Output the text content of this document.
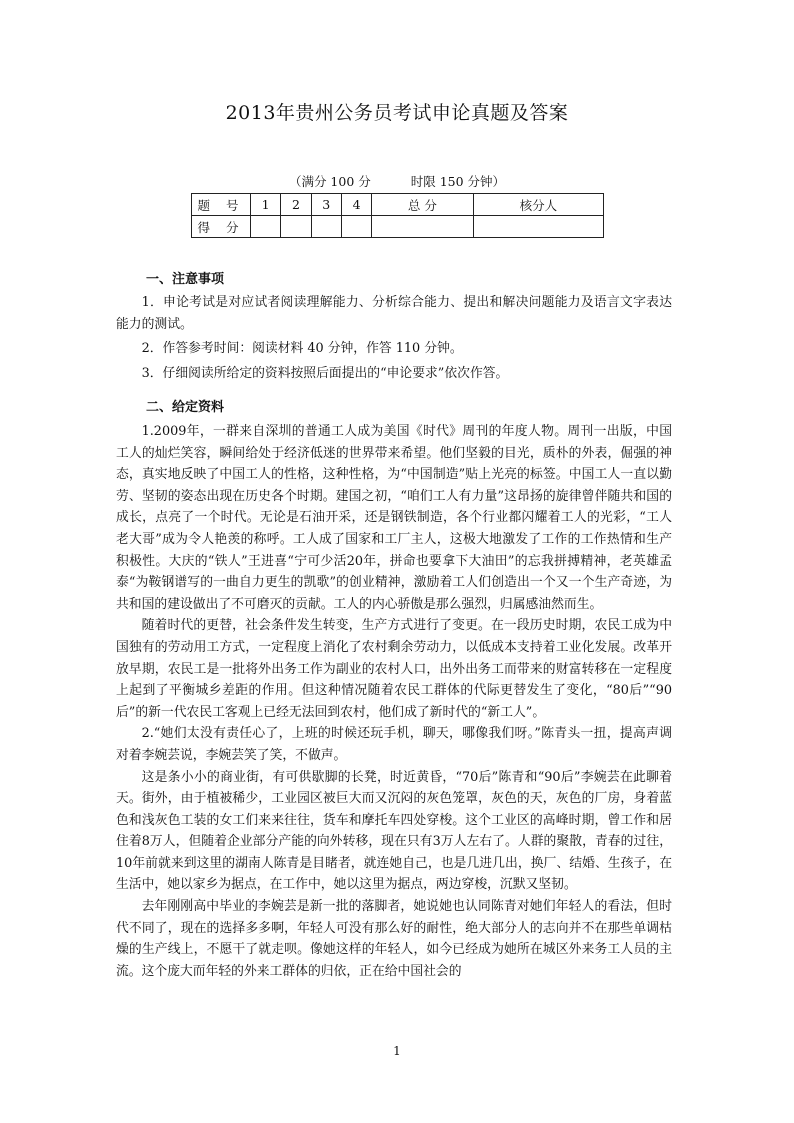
2013年贵州公务员考试申论真题及答案
（满分 100 分	时限 150 分钟）
题 号	1	2	3	4	总 分	核分人
得 分						
一、注意事项

1．申论考试是对应试者阅读理解能力、分析综合能力、提出和解决问题能力及语言文字表达能力的测试。

2．作答参考时间：阅读材料 40 分钟，作答 110 分钟。

3．仔细阅读所给定的资料按照后面提出的“申论要求”依次作答。

二、给定资料

1.2009年，一群来自深圳的普通工人成为美国《时代》周刊的年度人物。周刊一出版，中国工人的灿烂笑容，瞬间给处于经济低迷的世界带来希望。他们坚毅的目光，质朴的外表，倔强的神态，真实地反映了中国工人的性格，这种性格，为“中国制造”贴上光亮的标签。中国工人一直以勤劳、坚韧的姿态出现在历史各个时期。建国之初，“咱们工人有力量”这昂扬的旋律曾伴随共和国的成长，点亮了一个时代。无论是石油开采，还是钢铁制造，各个行业都闪耀着工人的光彩，“工人老大哥”成为令人艳羡的称呼。工人成了国家和工厂主人，这极大地激发了工作的工作热情和生产积极性。大庆的“铁人”王进喜“宁可少活20年，拼命也要拿下大油田”的忘我拼搏精神，老英雄孟泰“为鞍钢谱写的一曲自力更生的凯歌”的创业精神，激励着工人们创造出一个又一个生产奇迹，为共和国的建设做出了不可磨灭的贡献。工人的内心骄傲是那么强烈，归属感油然而生。

随着时代的更替，社会条件发生转变，生产方式进行了变更。在一段历史时期，农民工成为中国独有的劳动用工方式，一定程度上消化了农村剩余劳动力，以低成本支持着工业化发展。改革开放早期，农民工是一批将外出务工作为副业的农村人口，出外出务工而带来的财富转移在一定程度上起到了平衡城乡差距的作用。但这种情况随着农民工群体的代际更替发生了变化，“80后”“90后”的新一代农民工客观上已经无法回到农村，他们成了新时代的“新工人”。

2.“她们太没有责任心了，上班的时候还玩手机，聊天，哪像我们呀。”陈青头一扭，提高声调对着李婉芸说，李婉芸笑了笑，不做声。

这是条小小的商业街，有可供歇脚的长凳，时近黄昏，“70后”陈青和“90后”李婉芸在此聊着天。街外，由于植被稀少，工业园区被巨大而又沉闷的灰色笼罩，灰色的天，灰色的厂房，身着蓝色和浅灰色工装的女工们来来往往，货车和摩托车四处穿梭。这个工业区的高峰时期，曾工作和居住着8万人，但随着企业部分产能的向外转移，现在只有3万人左右了。人群的聚散，青春的过往，10年前就来到这里的湖南人陈青是目睹者，就连她自己，也是几进几出，换厂、结婚、生孩子，在生活中，她以家乡为据点，在工作中，她以这里为据点，两边穿梭，沉默又坚韧。

去年刚刚高中毕业的李婉芸是新一批的落脚者，她说她也认同陈青对她们年轻人的看法，但时代不同了，现在的选择多多啊，年轻人可没有那么好的耐性，绝大部分人的志向并不在那些单调枯燥的生产线上，不愿干了就走呗。像她这样的年轻人，如今已经成为她所在城区外来务工人员的主流。这个庞大而年轻的外来工群体的归依，正在给中国社会的

1
